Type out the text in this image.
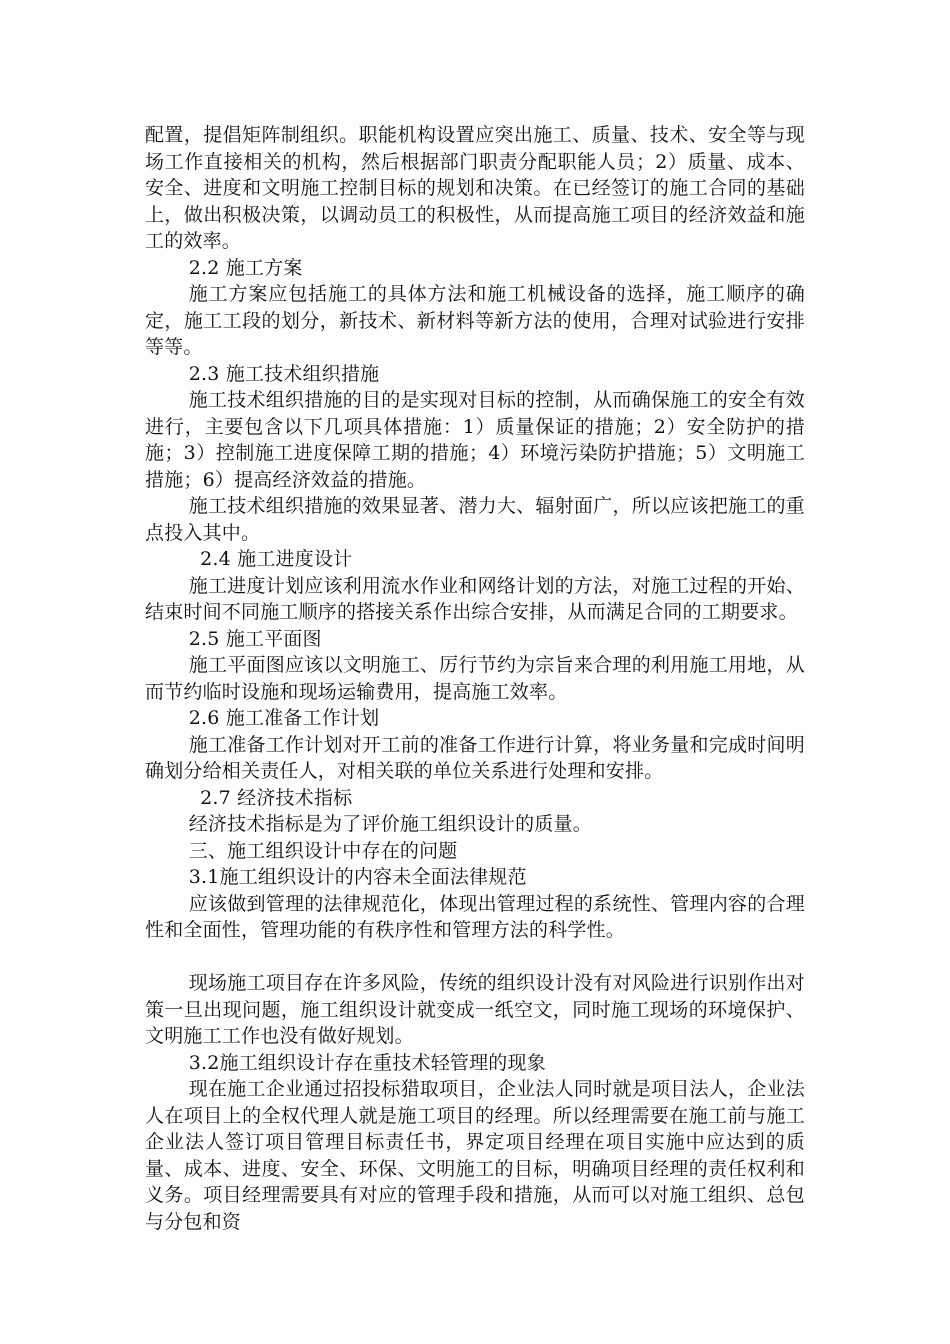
配置，提倡矩阵制组织。职能机构设置应突出施工、质量、技术、安全等与现场工作直接相关的机构，然后根据部门职责分配职能人员；2）质量、成本、安全、进度和文明施工控制目标的规划和决策。在已经签订的施工合同的基础上，做出积极决策，以调动员工的积极性，从而提高施工项目的经济效益和施工的效率。

2.2 施工方案

施工方案应包括施工的具体方法和施工机械设备的选择，施工顺序的确定，施工工段的划分，新技术、新材料等新方法的使用，合理对试验进行安排等等。

2.3 施工技术组织措施

施工技术组织措施的目的是实现对目标的控制，从而确保施工的安全有效进行，主要包含以下几项具体措施：1）质量保证的措施；2）安全防护的措施；3）控制施工进度保障工期的措施；4）环境污染防护措施；5）文明施工措施；6）提高经济效益的措施。

施工技术组织措施的效果显著、潜力大、辐射面广，所以应该把施工的重点投入其中。

2.4 施工进度设计

施工进度计划应该利用流水作业和网络计划的方法，对施工过程的开始、结束时间不同施工顺序的搭接关系作出综合安排，从而满足合同的工期要求。

2.5 施工平面图

施工平面图应该以文明施工、厉行节约为宗旨来合理的利用施工用地，从而节约临时设施和现场运输费用，提高施工效率。

2.6 施工准备工作计划

施工准备工作计划对开工前的准备工作进行计算，将业务量和完成时间明确划分给相关责任人，对相关联的单位关系进行处理和安排。

2.7 经济技术指标

经济技术指标是为了评价施工组织设计的质量。

三、施工组织设计中存在的问题

3.1施工组织设计的内容未全面法律规范

应该做到管理的法律规范化，体现出管理过程的系统性、管理内容的合理性和全面性，管理功能的有秩序性和管理方法的科学性。

现场施工项目存在许多风险，传统的组织设计没有对风险进行识别作出对策一旦出现问题，施工组织设计就变成一纸空文，同时施工现场的环境保护、文明施工工作也没有做好规划。

3.2施工组织设计存在重技术轻管理的现象

现在施工企业通过招投标猎取项目，企业法人同时就是项目法人，企业法人在项目上的全权代理人就是施工项目的经理。所以经理需要在施工前与施工企业法人签订项目管理目标责任书，界定项目经理在项目实施中应达到的质量、成本、进度、安全、环保、文明施工的目标，明确项目经理的责任权利和义务。项目经理需要具有对应的管理手段和措施，从而可以对施工组织、总包与分包和资
